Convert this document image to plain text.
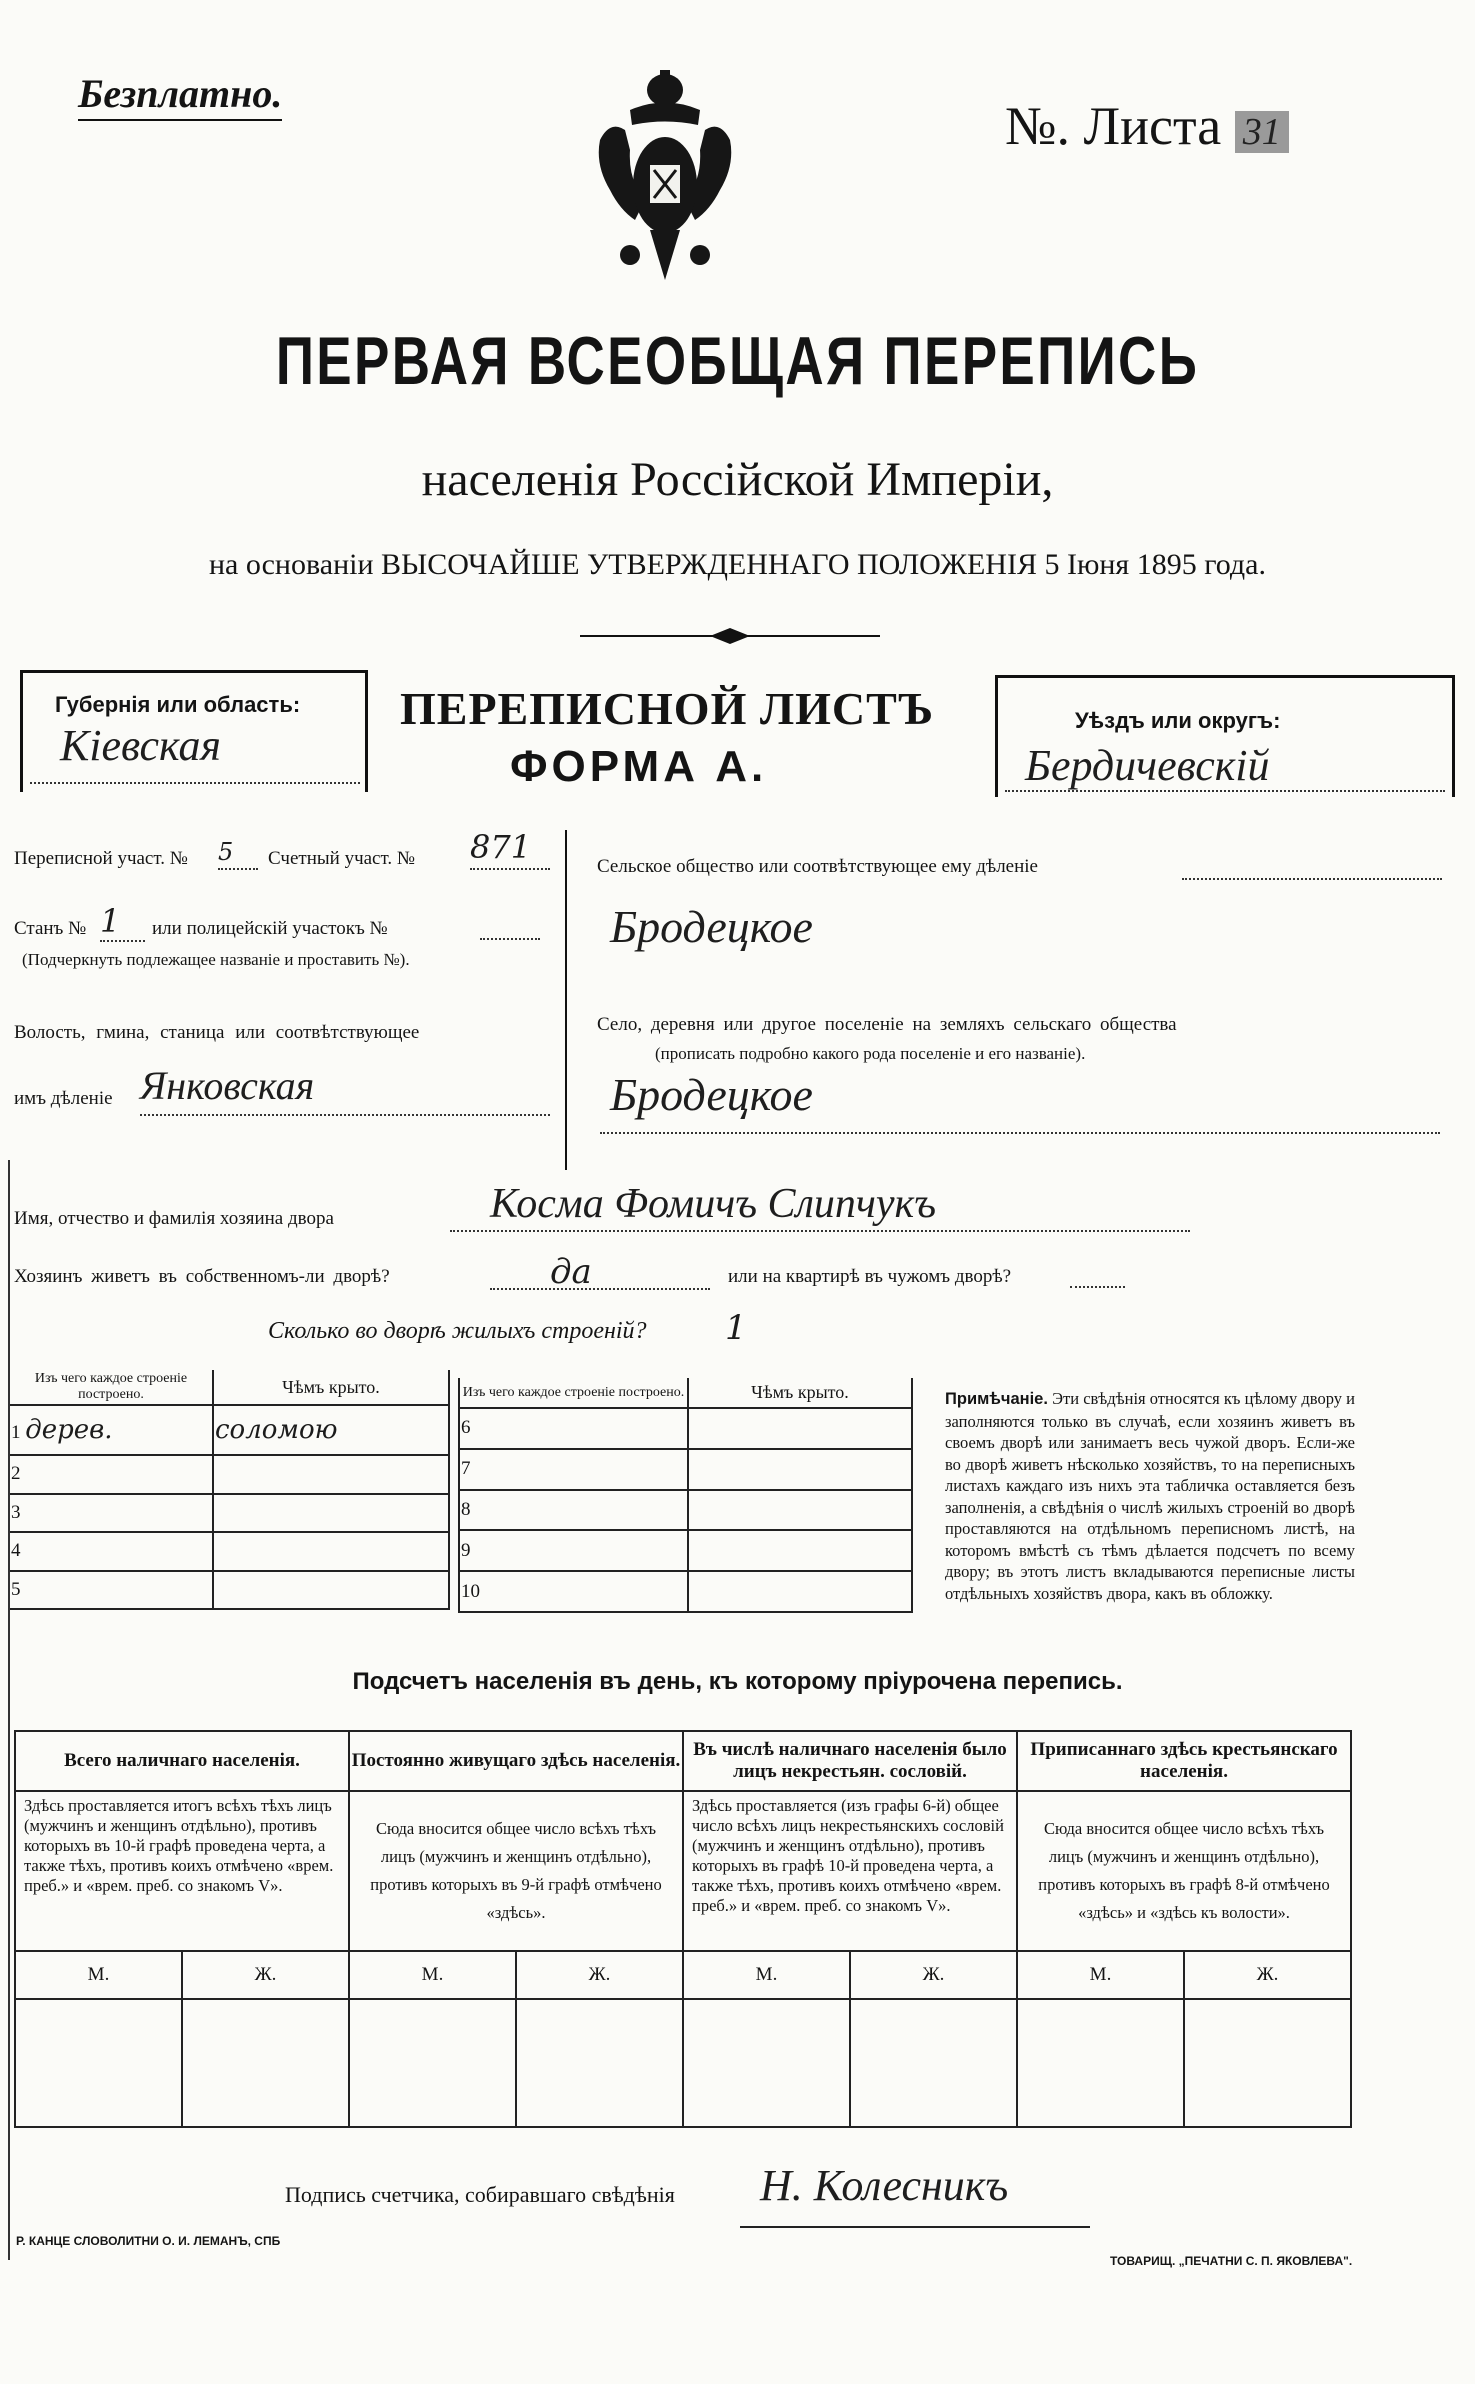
Безплатно.
№. Листа 31
ПЕРВАЯ ВСЕОБЩАЯ ПЕРЕПИСЬ
населенія Россійской Имперіи,
на основаніи ВЫСОЧАЙШЕ УТВЕРЖДЕННАГО ПОЛОЖЕНІЯ 5 Іюня 1895 года.
Губернія или область:
Кіевская
ПЕРЕПИСНОЙ ЛИСТЪ
ФОРМА А.
Уѣздъ или округъ:
Бердичевскій
Переписной участ. № 5	Счетный участ. № 871
Станъ № 1	или полицейскій участокъ №
(Подчеркнуть подлежащее названіе и проставить №).
Волость, гмина, станица или соотвѣтствующее
имъ дѣленіе Янковская
Сельское общество или соотвѣтствующее ему дѣленіе
Бродецкое
Село, деревня или другое поселеніе на земляхъ сельскаго общества
(прописать подробно какого рода поселеніе и его названіе).
Бродецкое
Имя, отчество и фамилія хозяина двора	Косма Фомичъ Слипчукъ
Хозяинъ живетъ въ собственномъ-ли дворѣ?	да	или на квартирѣ въ чужомъ дворѣ?
Сколько во дворѣ жилыхъ строеній? 1
Изъ чего каждое строеніе построено.	Чѣмъ крыто.
1 дерев.	соломою
2	
3	
4	
5	
Изъ чего каждое строеніе построено.	Чѣмъ крыто.
6	
7	
8	
9	
10	
Примѣчаніе. Эти свѣдѣнія относятся къ цѣлому двору и заполняются только въ случаѣ, если хозяинъ живетъ въ своемъ дворѣ или занимаетъ весь чужой дворъ. Если-же во дворѣ живетъ нѣсколько хозяйствъ, то на переписныхъ листахъ каждаго изъ нихъ эта табличка оставляется безъ заполненія, а свѣдѣнія о числѣ жилыхъ строеній во дворѣ проставляются на отдѣльномъ переписномъ листѣ, на которомъ вмѣстѣ съ тѣмъ дѣлается подсчетъ по всему двору; въ этотъ листъ вкладываются переписные листы отдѣльныхъ хозяйствъ двора, какъ въ обложку.
Подсчетъ населенія въ день, къ которому пріурочена перепись.
Всего наличнаго населенія.		Постоянно живущаго здѣсь населенія.		Въ числѣ наличнаго населенія было лицъ некрестьян. сословій.		Приписаннаго здѣсь крестьянскаго населенія.	
Здѣсь проставляется итогъ всѣхъ тѣхъ лицъ (мужчинъ и женщинъ отдѣльно), противъ которыхъ въ 10-й графѣ проведена черта, а также тѣхъ, противъ коихъ отмѣчено «врем. преб.» и «врем. преб. со знакомъ V».		Сюда вносится общее число всѣхъ тѣхъ лицъ (мужчинъ и женщинъ отдѣльно), противъ которыхъ въ 9-й графѣ отмѣчено «здѣсь».		Здѣсь проставляется (изъ графы 6-й) общее число всѣхъ лицъ некрестьянскихъ сословій (мужчинъ и женщинъ отдѣльно), противъ которыхъ въ графѣ 10-й проведена черта, а также тѣхъ, противъ коихъ отмѣчено «врем. преб.» и «врем. преб. со знакомъ V».		Сюда вносится общее число всѣхъ тѣхъ лицъ (мужчинъ и женщинъ отдѣльно), противъ которыхъ въ графѣ 8-й отмѣчено «здѣсь» и «здѣсь къ волости».	
М.	Ж.	М.	Ж.	М.	Ж.	М.	Ж.

Подпись счетчика, собиравшаго свѣдѣнія Н. Колесникъ
Р. КАНЦЕ СЛОВОЛИТНИ О. И. ЛЕМАНЪ, СПБ
ТОВАРИЩ. „ПЕЧАТНИ С. П. ЯКОВЛЕВА".
